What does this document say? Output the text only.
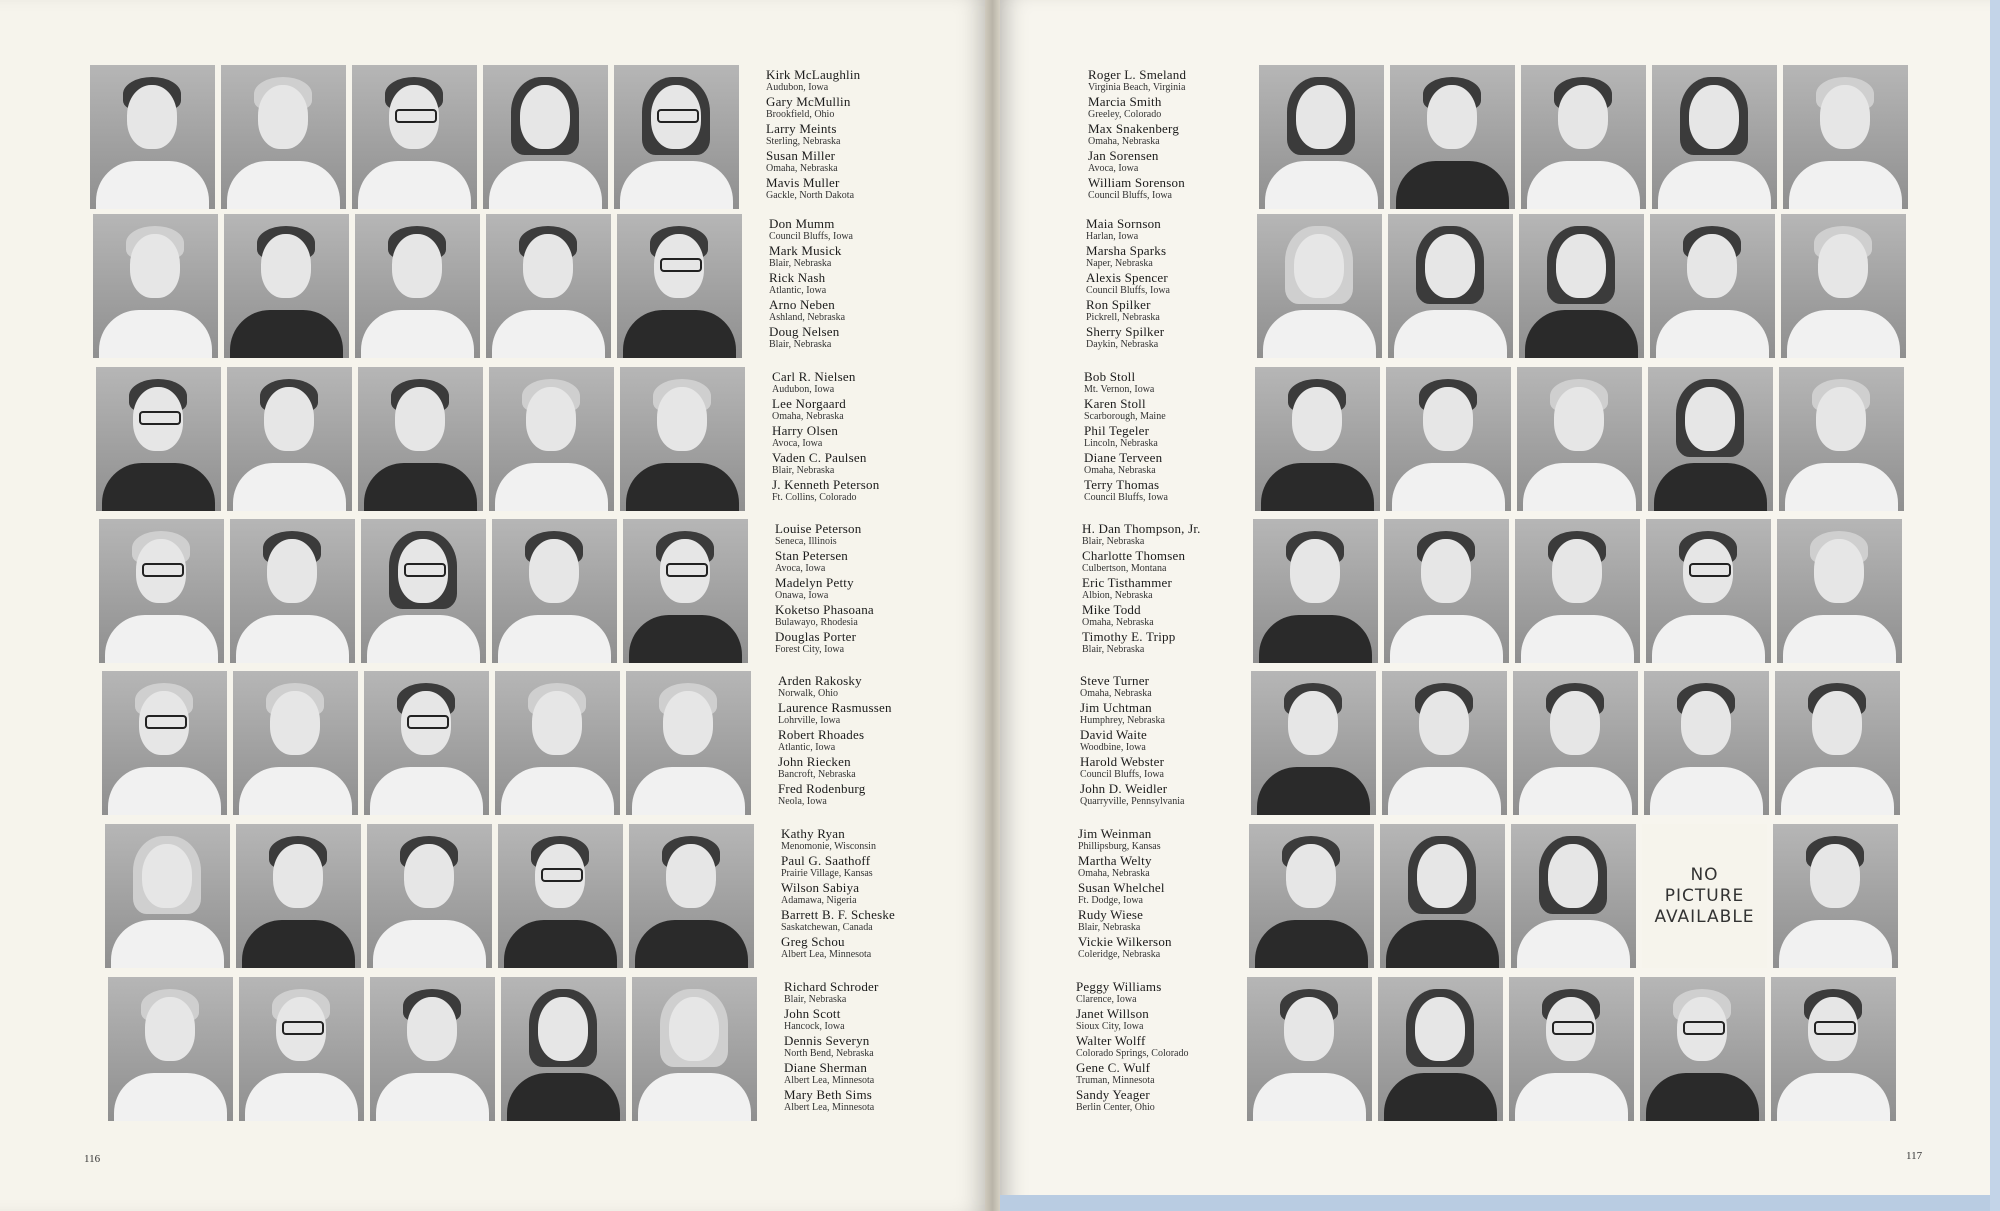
Kirk McLaughlin
Audubon, Iowa
Gary McMullin
Brookfield, Ohio
Larry Meints
Sterling, Nebraska
Susan Miller
Omaha, Nebraska
Mavis Muller
Gackle, North Dakota
Don Mumm
Council Bluffs, Iowa
Mark Musick
Blair, Nebraska
Rick Nash
Atlantic, Iowa
Arno Neben
Ashland, Nebraska
Doug Nelsen
Blair, Nebraska
Carl R. Nielsen
Audubon, Iowa
Lee Norgaard
Omaha, Nebraska
Harry Olsen
Avoca, Iowa
Vaden C. Paulsen
Blair, Nebraska
J. Kenneth Peterson
Ft. Collins, Colorado
Louise Peterson
Seneca, Illinois
Stan Petersen
Avoca, Iowa
Madelyn Petty
Onawa, Iowa
Koketso Phasoana
Bulawayo, Rhodesia
Douglas Porter
Forest City, Iowa
Arden Rakosky
Norwalk, Ohio
Laurence Rasmussen
Lohrville, Iowa
Robert Rhoades
Atlantic, Iowa
John Riecken
Bancroft, Nebraska
Fred Rodenburg
Neola, Iowa
Kathy Ryan
Menomonie, Wisconsin
Paul G. Saathoff
Prairie Village, Kansas
Wilson Sabiya
Adamawa, Nigeria
Barrett B. F. Scheske
Saskatchewan, Canada
Greg Schou
Albert Lea, Minnesota
Richard Schroder
Blair, Nebraska
John Scott
Hancock, Iowa
Dennis Severyn
North Bend, Nebraska
Diane Sherman
Albert Lea, Minnesota
Mary Beth Sims
Albert Lea, Minnesota
116
NO
PICTURE
AVAILABLE
Roger L. Smeland
Virginia Beach, Virginia
Marcia Smith
Greeley, Colorado
Max Snakenberg
Omaha, Nebraska
Jan Sorensen
Avoca, Iowa
William Sorenson
Council Bluffs, Iowa
Maia Sornson
Harlan, Iowa
Marsha Sparks
Naper, Nebraska
Alexis Spencer
Council Bluffs, Iowa
Ron Spilker
Pickrell, Nebraska
Sherry Spilker
Daykin, Nebraska
Bob Stoll
Mt. Vernon, Iowa
Karen Stoll
Scarborough, Maine
Phil Tegeler
Lincoln, Nebraska
Diane Terveen
Omaha, Nebraska
Terry Thomas
Council Bluffs, Iowa
H. Dan Thompson, Jr.
Blair, Nebraska
Charlotte Thomsen
Culbertson, Montana
Eric Tisthammer
Albion, Nebraska
Mike Todd
Omaha, Nebraska
Timothy E. Tripp
Blair, Nebraska
Steve Turner
Omaha, Nebraska
Jim Uchtman
Humphrey, Nebraska
David Waite
Woodbine, Iowa
Harold Webster
Council Bluffs, Iowa
John D. Weidler
Quarryville, Pennsylvania
Jim Weinman
Phillipsburg, Kansas
Martha Welty
Omaha, Nebraska
Susan Whelchel
Ft. Dodge, Iowa
Rudy Wiese
Blair, Nebraska
Vickie Wilkerson
Coleridge, Nebraska
Peggy Williams
Clarence, Iowa
Janet Willson
Sioux City, Iowa
Walter Wolff
Colorado Springs, Colorado
Gene C. Wulf
Truman, Minnesota
Sandy Yeager
Berlin Center, Ohio
117
